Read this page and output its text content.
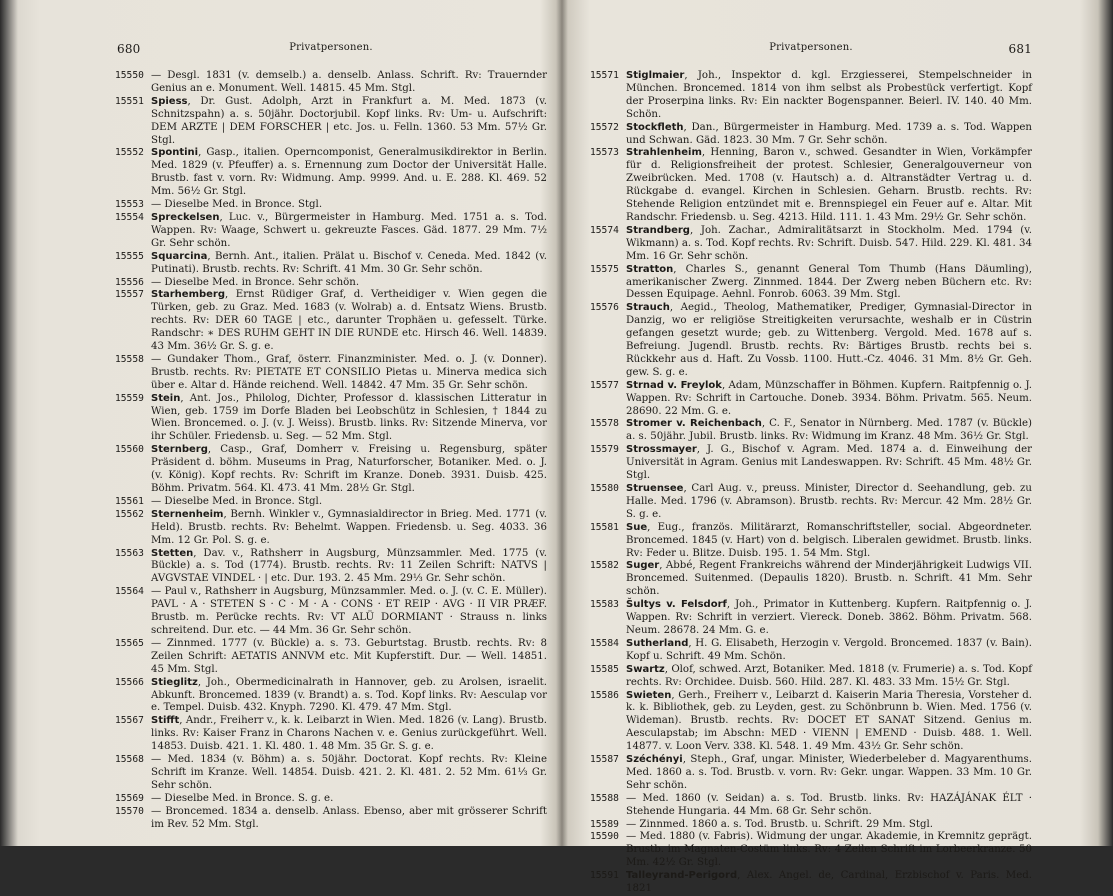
680	Privatpersonen.
15550 — Desgl. 1831 (v. demselb.) a. denselb. Anlass. Schrift. Rv: Trauernder Genius an e. Monument. Well. 14815. 45 Mm. Stgl.
15551 Spiess, Dr. Gust. Adolph, Arzt in Frankfurt a. M. Med. 1873 (v. Schnitzspahn) a. s. 50jähr. Doctorjubil. Kopf links. Rv: Um- u. Aufschrift: DEM ARZTE | DEM FORSCHER | etc. Jos. u. Felln. 1360. 53 Mm. 57½ Gr. Stgl.
15552 Spontini, Gasp., italien. Operncomponist, Generalmusikdirektor in Berlin. Med. 1829 (v. Pfeuffer) a. s. Ernennung zum Doctor der Universität Halle. Brustb. fast v. vorn. Rv: Widmung. Amp. 9999. And. u. E. 288. Kl. 469. 52 Mm. 56½ Gr. Stgl.
15553 — Dieselbe Med. in Bronce. Stgl.
15554 Spreckelsen, Luc. v., Bürgermeister in Hamburg. Med. 1751 a. s. Tod. Wappen. Rv: Waage, Schwert u. gekreuzte Fasces. Gäd. 1877. 29 Mm. 7½ Gr. Sehr schön.
15555 Squarcina, Bernh. Ant., italien. Prälat u. Bischof v. Ceneda. Med. 1842 (v. Putinati). Brustb. rechts. Rv: Schrift. 41 Mm. 30 Gr. Sehr schön.
15556 — Dieselbe Med. in Bronce. Sehr schön.
15557 Starhemberg, Ernst Rüdiger Graf, d. Vertheidiger v. Wien gegen die Türken, geb. zu Graz. Med. 1683 (v. Wolrab) a. d. Entsatz Wiens. Brustb. rechts. Rv: DER 60 TAGE | etc., darunter Trophäen u. gefesselt. Türke. Randschr: ∗ DES RUHM GEHT IN DIE RUNDE etc. Hirsch 46. Well. 14839. 43 Mm. 36½ Gr. S. g. e.
15558 — Gundaker Thom., Graf, österr. Finanzminister. Med. o. J. (v. Donner). Brustb. rechts. Rv: PIETATE ET CONSILIO Pietas u. Minerva medica sich über e. Altar d. Hände reichend. Well. 14842. 47 Mm. 35 Gr. Sehr schön.
15559 Stein, Ant. Jos., Philolog, Dichter, Professor d. klassischen Litteratur in Wien, geb. 1759 im Dorfe Bladen bei Leobschütz in Schlesien, † 1844 zu Wien. Broncemed. o. J. (v. J. Weiss). Brustb. links. Rv: Sitzende Minerva, vor ihr Schüler. Friedensb. u. Seg. — 52 Mm. Stgl.
15560 Sternberg, Casp., Graf, Domherr v. Freising u. Regensburg, später Präsident d. böhm. Museums in Prag, Naturforscher, Botaniker. Med. o. J. (v. König). Kopf rechts. Rv: Schrift im Kranze. Doneb. 3931. Duisb. 425. Böhm. Privatm. 564. Kl. 473. 41 Mm. 28½ Gr. Stgl.
15561 — Dieselbe Med. in Bronce. Stgl.
15562 Sternenheim, Bernh. Winkler v., Gymnasialdirector in Brieg. Med. 1771 (v. Held). Brustb. rechts. Rv: Behelmt. Wappen. Friedensb. u. Seg. 4033. 36 Mm. 12 Gr. Pol. S. g. e.
15563 Stetten, Dav. v., Rathsherr in Augsburg, Münzsammler. Med. 1775 (v. Bückle) a. s. Tod (1774). Brustb. rechts. Rv: 11 Zeilen Schrift: NATVS | AVGVSTAE VINDEL · | etc. Dur. 193. 2. 45 Mm. 29⅓ Gr. Sehr schön.
15564 — Paul v., Rathsherr in Augsburg, Münzsammler. Med. o. J. (v. C. E. Müller). PAVL · A · STETEN S · C · M · A · CONS · ET REIP · AVG · II VIR PRÆF. Brustb. m. Perücke rechts. Rv: VT ALÜ DORMIANT · Strauss n. links schreitend. Dur. etc. — 44 Mm. 36 Gr. Sehr schön.
15565 — Zinnmed. 1777 (v. Bückle) a. s. 73. Geburtstag. Brustb. rechts. Rv: 8 Zeilen Schrift: AETATIS ANNVM etc. Mit Kupferstift. Dur. — Well. 14851. 45 Mm. Stgl.
15566 Stieglitz, Joh., Obermedicinalrath in Hannover, geb. zu Arolsen, israelit. Abkunft. Broncemed. 1839 (v. Brandt) a. s. Tod. Kopf links. Rv: Aesculap vor e. Tempel. Duisb. 432. Knyph. 7290. Kl. 479. 47 Mm. Stgl.
15567 Stifft, Andr., Freiherr v., k. k. Leibarzt in Wien. Med. 1826 (v. Lang). Brustb. links. Rv: Kaiser Franz in Charons Nachen v. e. Genius zurückgeführt. Well. 14853. Duisb. 421. 1. Kl. 480. 1. 48 Mm. 35 Gr. S. g. e.
15568 — Med. 1834 (v. Böhm) a. s. 50jähr. Doctorat. Kopf rechts. Rv: Kleine Schrift im Kranze. Well. 14854. Duisb. 421. 2. Kl. 481. 2. 52 Mm. 61⅓ Gr. Sehr schön.
15569 — Dieselbe Med. in Bronce. S. g. e.
15570 — Broncemed. 1834 a. denselb. Anlass. Ebenso, aber mit grösserer Schrift im Rev. 52 Mm. Stgl.
Privatpersonen.	681
15571 Stiglmaier, Joh., Inspektor d. kgl. Erzgiesserei, Stempelschneider in München. Broncemed. 1814 von ihm selbst als Probestück verfertigt. Kopf der Proserpina links. Rv: Ein nackter Bogenspanner. Beierl. IV. 140. 40 Mm. Schön.
15572 Stockfleth, Dan., Bürgermeister in Hamburg. Med. 1739 a. s. Tod. Wappen und Schwan. Gäd. 1823. 30 Mm. 7 Gr. Sehr schön.
15573 Strahlenheim, Henning, Baron v., schwed. Gesandter in Wien, Vorkämpfer für d. Religionsfreiheit der protest. Schlesier, Generalgouverneur von Zweibrücken. Med. 1708 (v. Hautsch) a. d. Altranstädter Vertrag u. d. Rückgabe d. evangel. Kirchen in Schlesien. Geharn. Brustb. rechts. Rv: Stehende Religion entzündet mit e. Brennspiegel ein Feuer auf e. Altar. Mit Randschr. Friedensb. u. Seg. 4213. Hild. 111. 1. 43 Mm. 29½ Gr. Sehr schön.
15574 Strandberg, Joh. Zachar., Admiralitätsarzt in Stockholm. Med. 1794 (v. Wikmann) a. s. Tod. Kopf rechts. Rv: Schrift. Duisb. 547. Hild. 229. Kl. 481. 34 Mm. 16 Gr. Sehr schön.
15575 Stratton, Charles S., genannt General Tom Thumb (Hans Däumling), amerikanischer Zwerg. Zinnmed. 1844. Der Zwerg neben Büchern etc. Rv: Dessen Equipage. Aehnl. Fonrob. 6063. 39 Mm. Stgl.
15576 Strauch, Aegid., Theolog, Mathematiker, Prediger, Gymnasial-Director in Danzig, wo er religiöse Streitigkeiten verursachte, weshalb er in Cüstrin gefangen gesetzt wurde; geb. zu Wittenberg. Vergold. Med. 1678 auf s. Befreiung. Jugendl. Brustb. rechts. Rv: Bärtiges Brustb. rechts bei s. Rückkehr aus d. Haft. Zu Vossb. 1100. Hutt.-Cz. 4046. 31 Mm. 8½ Gr. Geh. gew. S. g. e.
15577 Strnad v. Freylok, Adam, Münzschaffer in Böhmen. Kupfern. Raitpfennig o. J. Wappen. Rv: Schrift in Cartouche. Doneb. 3934. Böhm. Privatm. 565. Neum. 28690. 22 Mm. G. e.
15578 Stromer v. Reichenbach, C. F., Senator in Nürnberg. Med. 1787 (v. Bückle) a. s. 50jähr. Jubil. Brustb. links. Rv: Widmung im Kranz. 48 Mm. 36½ Gr. Stgl.
15579 Strossmayer, J. G., Bischof v. Agram. Med. 1874 a. d. Einweihung der Universität in Agram. Genius mit Landeswappen. Rv: Schrift. 45 Mm. 48½ Gr. Stgl.
15580 Struensee, Carl Aug. v., preuss. Minister, Director d. Seehandlung, geb. zu Halle. Med. 1796 (v. Abramson). Brustb. rechts. Rv: Mercur. 42 Mm. 28½ Gr. S. g. e.
15581 Sue, Eug., französ. Militärarzt, Romanschriftsteller, social. Abgeordneter. Broncemed. 1845 (v. Hart) von d. belgisch. Liberalen gewidmet. Brustb. links. Rv: Feder u. Blitze. Duisb. 195. 1. 54 Mm. Stgl.
15582 Suger, Abbé, Regent Frankreichs während der Minderjährigkeit Ludwigs VII. Broncemed. Suitenmed. (Depaulis 1820). Brustb. n. Schrift. 41 Mm. Sehr schön.
15583 Šultys v. Felsdorf, Joh., Primator in Kuttenberg. Kupfern. Raitpfennig o. J. Wappen. Rv: Schrift in verziert. Viereck. Doneb. 3862. Böhm. Privatm. 568. Neum. 28678. 24 Mm. G. e.
15584 Sutherland, H. G. Elisabeth, Herzogin v. Vergold. Broncemed. 1837 (v. Bain). Kopf u. Schrift. 49 Mm. Schön.
15585 Swartz, Olof, schwed. Arzt, Botaniker. Med. 1818 (v. Frumerie) a. s. Tod. Kopf rechts. Rv: Orchidee. Duisb. 560. Hild. 287. Kl. 483. 33 Mm. 15½ Gr. Stgl.
15586 Swieten, Gerh., Freiherr v., Leibarzt d. Kaiserin Maria Theresia, Vorsteher d. k. k. Bibliothek, geb. zu Leyden, gest. zu Schönbrunn b. Wien. Med. 1756 (v. Wideman). Brustb. rechts. Rv: DOCET ET SANAT Sitzend. Genius m. Aesculapstab; im Abschn: MED · VIENN | EMEND · Duisb. 488. 1. Well. 14877. v. Loon Verv. 338. Kl. 548. 1. 49 Mm. 43½ Gr. Sehr schön.
15587 Széchényi, Steph., Graf, ungar. Minister, Wiederbeleber d. Magyarenthums. Med. 1860 a. s. Tod. Brustb. v. vorn. Rv: Gekr. ungar. Wappen. 33 Mm. 10 Gr. Sehr schön.
15588 — Med. 1860 (v. Seidan) a. s. Tod. Brustb. links. Rv: HAZÁJÁNAK ÉLT · Stehende Hungaria. 44 Mm. 68 Gr. Sehr schön.
15589 — Zinnmed. 1860 a. s. Tod. Brustb. u. Schrift. 29 Mm. Stgl.
15590 — Med. 1880 (v. Fabris). Widmung der ungar. Akademie, in Kremnitz geprägt. Brustb. im Magnaten-Costüm links. Rv: 4 Zeilen Schrift im Lorbeerkranze. 50 Mm. 42½ Gr. Stgl.
15591 Talleyrand-Perigord, Alex. Angel. de, Cardinal, Erzbischof v. Paris. Med. 1821
